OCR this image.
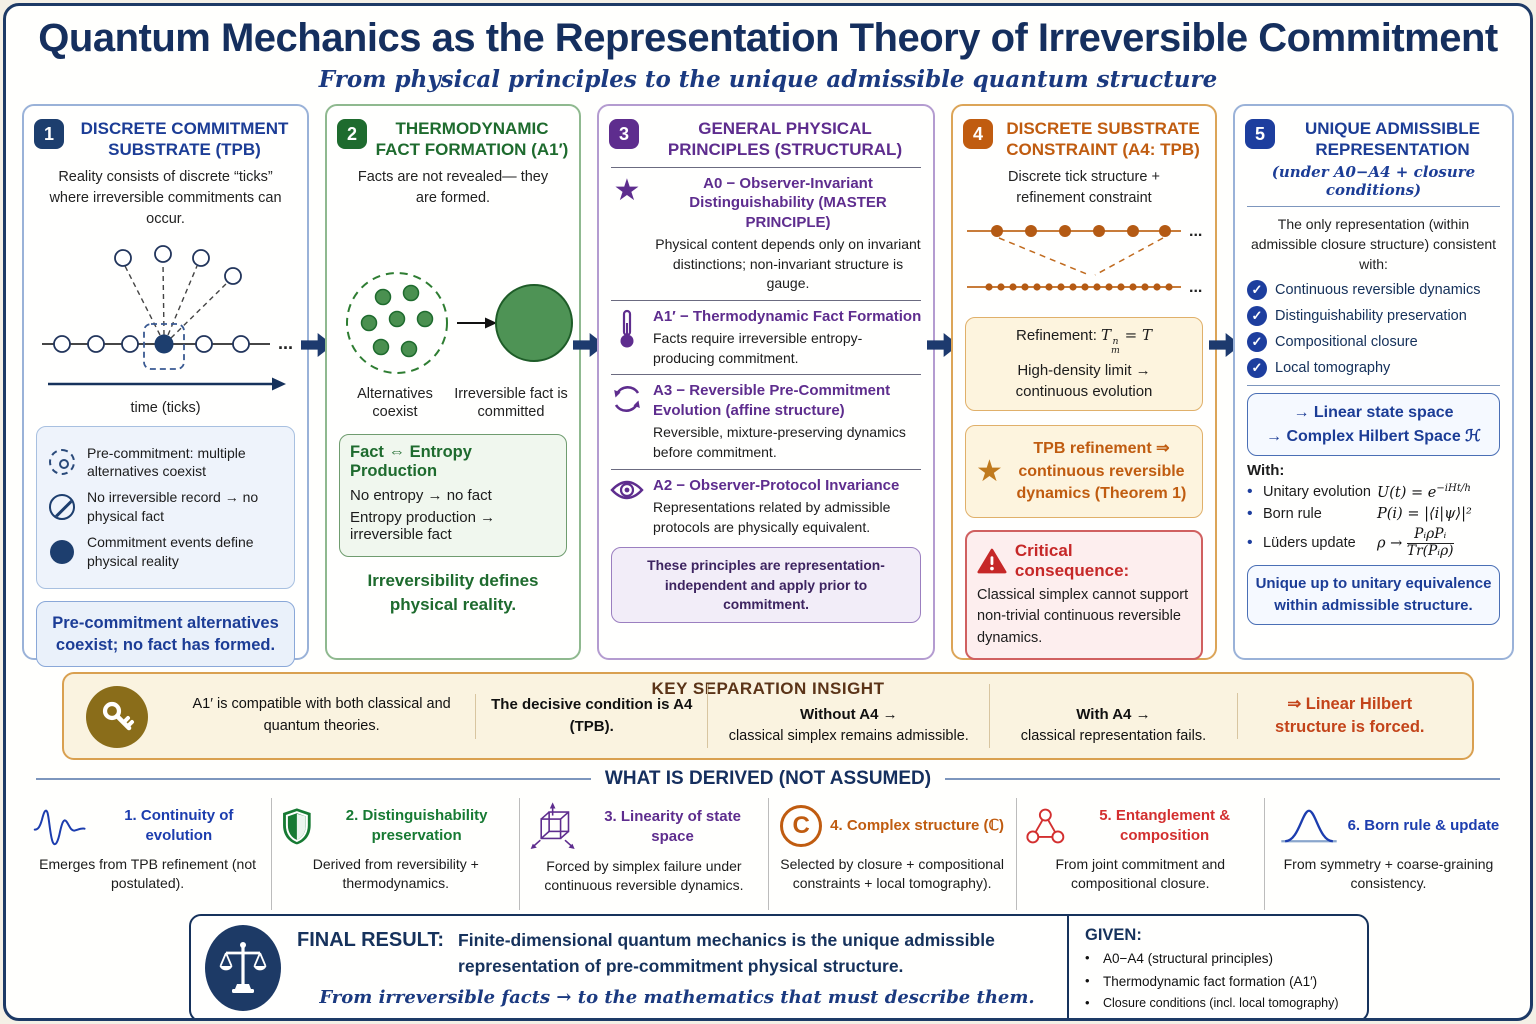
Quantum Mechanics as the Representation Theory of Irreversible Commitment
From physical principles to the unique admissible quantum structure
1	DISCRETE COMMITMENT SUBSTRATE (TPB)
Reality consists of discrete “ticks” where irreversible commitments can occur.
...
time (ticks)
Pre-commitment: multiple alternatives coexist
No irreversible record → no physical fact
Commitment events define physical reality
Pre-commitment alternatives coexist; no fact has formed.
2	THERMODYNAMIC FACT FORMATION (A1′)
Facts are not revealed— they are formed.
Alternatives coexist
Irreversible fact is committed
Fact ⇔ Entropy Production
No entropy → no fact
Entropy production → irreversible fact
Irreversibility defines physical reality.
3	GENERAL PHYSICAL PRINCIPLES (STRUCTURAL)
★	A0 − Observer-Invariant Distinguishability (MASTER PRINCIPLE)
Physical content depends only on invariant distinctions; non-invariant structure is gauge.
A1′ − Thermodynamic Fact Formation
Facts require irreversible entropy-producing commitment.
A3 − Reversible Pre-Commitment Evolution (affine structure)
Reversible, mixture-preserving dynamics before commitment.
A2 − Observer-Protocol Invariance
Representations related by admissible protocols are physically equivalent.
These principles are representation-independent and apply prior to commitment.
4	DISCRETE SUBSTRATE CONSTRAINT (A4: TPB)
Discrete tick structure + refinement constraint
...
...
Refinement: T n
m
= T
High-density limit → continuous evolution
★
TPB refinement ⇒ continuous reversible dynamics (Theorem 1)
Critical consequence:
Classical simplex cannot support non-trivial continuous reversible dynamics.
5	UNIQUE ADMISSIBLE REPRESENTATION
(under A0−A4 + closure conditions)
The only representation (within admissible closure structure) consistent with:
✓ Continuous reversible dynamics
✓ Distinguishability preservation
✓ Compositional closure
✓ Local tomography
→ Linear state space
→ Complex Hilbert Space ℋ
With:
• Unitary evolution $U(t) = e^{-iHt/h}$
• Born rule	P(i) = |⟨i|ψ⟩|²
• Lüders update	$\rho \to \frac{\text{PᵢρPᵢ}}{\text{Tr(Pᵢρ)}}$
Unique up to unitary equivalence within admissible structure.
KEY SEPARATION INSIGHT
A1′ is compatible with both classical and quantum theories.
The decisive condition is A4 (TPB).
Without A4 →
classical simplex remains admissible.
With A4 →
classical representation fails.
⇒ Linear Hilbert structure is forced.
WHAT IS DERIVED (NOT ASSUMED)
1. Continuity of evolution
Emerges from TPB refinement (not postulated).
2. Distinguishability preservation
Derived from reversibility + thermodynamics.
3. Linearity of state space
Forced by simplex failure under continuous reversible dynamics.
C	4. Complex structure (ℂ)
Selected by closure + compositional constraints + local tomography).
5. Entanglement & composition
From joint commitment and compositional closure.
6. Born rule & update
From symmetry + coarse-graining consistency.
FINAL RESULT: Finite-dimensional quantum mechanics is the unique admissible representation of pre-commitment physical structure.
From irreversible facts → to the mathematics that must describe them.
GIVEN:
• A0−A4 (structural principles)
• Thermodynamic fact formation (A1′)
•	Closure conditions (incl. local tomography)
